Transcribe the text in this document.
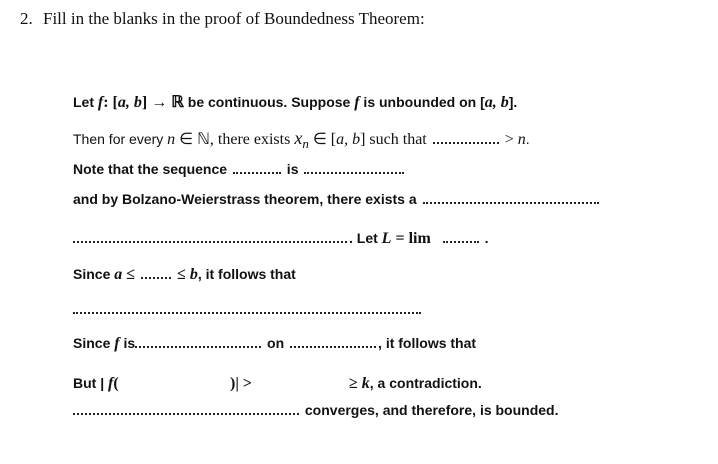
2. Fill in the blanks in the proof of Boundedness Theorem:
Let f: [a, b] → ℝ be continuous. Suppose f is unbounded on [a, b].
Then for every n ∈ ℕ, there exists $x_n$ ∈ [a, b] such that	> n.
Note that the sequence	is
and by Bolzano-Weierstrass theorem, there exists a
. Let L = lim	.
Since a ≤  ≤ b, it follows that
Since f is	on	, it follows that
But | f(	)| >	≥ k, a contradiction.
converges, and therefore, is bounded.
